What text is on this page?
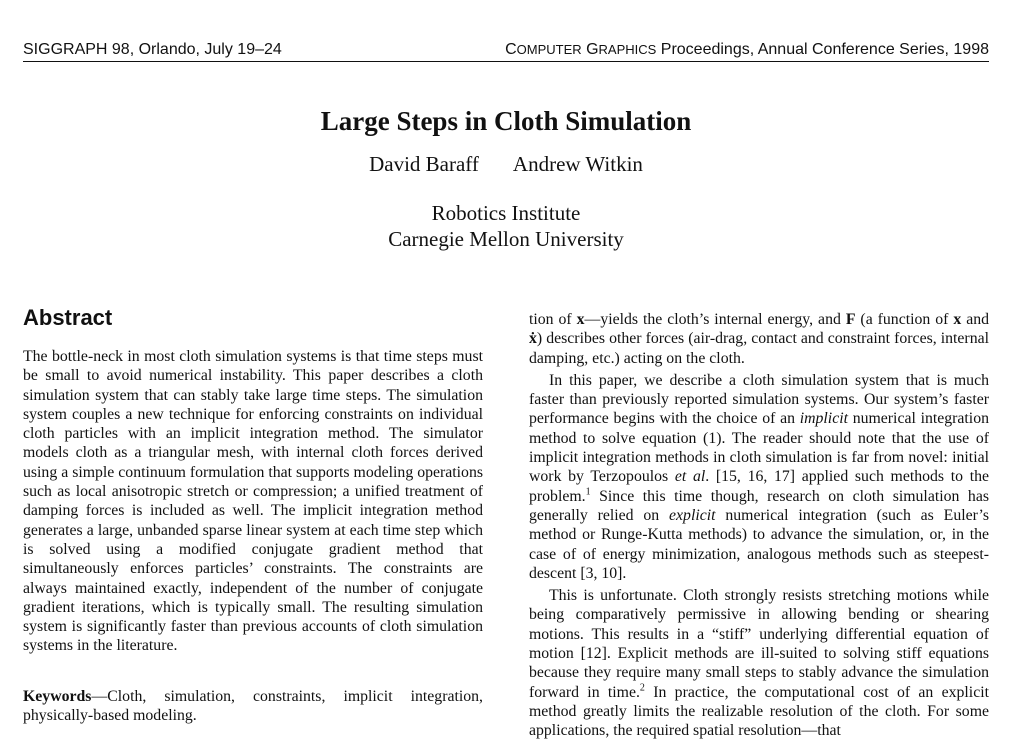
SIGGRAPH 98, Orlando, July 19–24	COMPUTER GRAPHICS Proceedings, Annual Conference Series, 1998
Large Steps in Cloth Simulation
David Baraff Andrew Witkin
Robotics Institute
Carnegie Mellon University
Abstract

The bottle-neck in most cloth simulation systems is that time steps must be small to avoid numerical instability. This paper describes a cloth simulation system that can stably take large time steps. The simulation system couples a new technique for enforcing constraints on individual cloth particles with an implicit integration method. The simulator models cloth as a triangular mesh, with internal cloth forces derived using a simple continuum formulation that supports modeling operations such as local anisotropic stretch or compression; a unified treatment of damping forces is included as well. The implicit integration method generates a large, unbanded sparse linear system at each time step which is solved using a modified conjugate gradient method that simultaneously enforces particles’ constraints. The constraints are always maintained exactly, independent of the number of conjugate gradient iterations, which is typically small. The resulting simulation system is significantly faster than previous accounts of cloth simulation systems in the literature.

Keywords—Cloth, simulation, constraints, implicit integration, physically-based modeling.

tion of x—yields the cloth’s internal energy, and F (a function of x and ẋ) describes other forces (air-drag, contact and constraint forces, internal damping, etc.) acting on the cloth.

In this paper, we describe a cloth simulation system that is much faster than previously reported simulation systems. Our system’s faster performance begins with the choice of an implicit numerical integration method to solve equation (1). The reader should note that the use of implicit integration methods in cloth simulation is far from novel: initial work by Terzopoulos et al. [15, 16, 17] applied such methods to the problem.$^1$ Since this time though, research on cloth simulation has generally relied on explicit numerical integration (such as Euler’s method or Runge-Kutta methods) to advance the simulation, or, in the case of of energy minimization, analogous methods such as steepest-descent [3, 10].

This is unfortunate. Cloth strongly resists stretching motions while being comparatively permissive in allowing bending or shearing motions. This results in a “stiff” underlying differential equation of motion [12]. Explicit methods are ill-suited to solving stiff equations because they require many small steps to stably advance the simulation forward in time.$^2$ In practice, the computational cost of an explicit method greatly limits the realizable resolution of the cloth. For some applications, the required spatial resolution—that
